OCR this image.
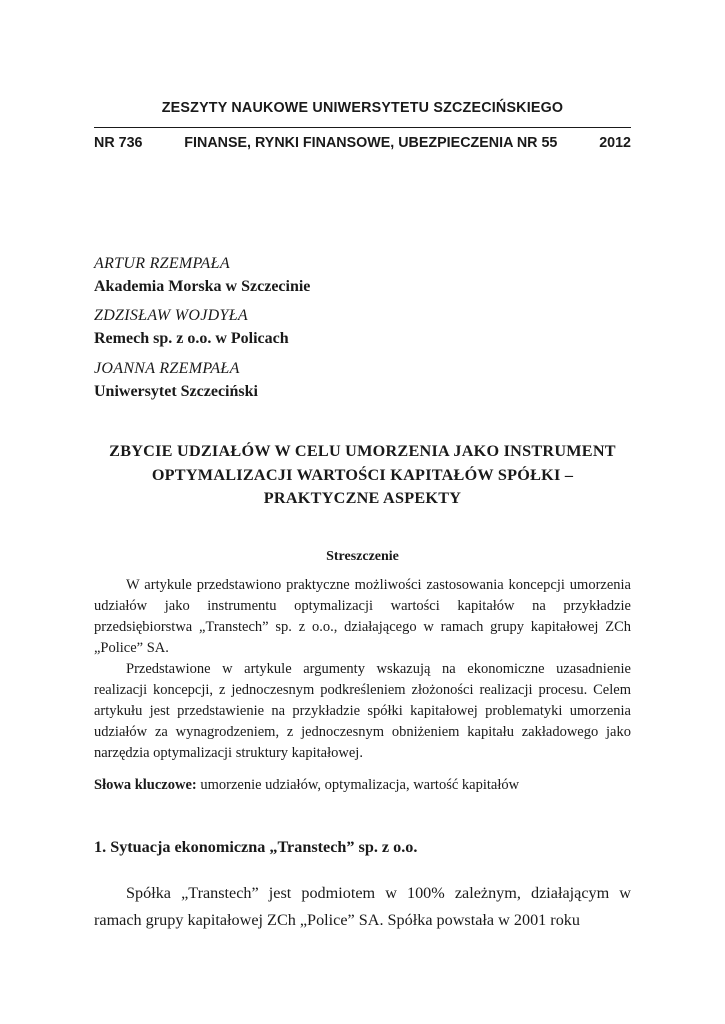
ZESZYTY NAUKOWE UNIWERSYTETU SZCZECIŃSKIEGO
NR 736	FINANSE, RYNKI FINANSOWE, UBEZPIECZENIA NR 55	2012
ARTUR RZEMPAŁA
Akademia Morska w Szczecinie
ZDZISŁAW WOJDYŁA
Remech sp. z o.o. w Policach
JOANNA RZEMPAŁA
Uniwersytet Szczeciński
ZBYCIE UDZIAŁÓW W CELU UMORZENIA JAKO INSTRUMENT
OPTYMALIZACJI WARTOŚCI KAPITAŁÓW SPÓŁKI –
PRAKTYCZNE ASPEKTY
Streszczenie

W artykule przedstawiono praktyczne możliwości zastosowania koncepcji umorzenia udziałów jako instrumentu optymalizacji wartości kapitałów na przykładzie przedsiębiorstwa „Transtech” sp. z o.o., działającego w ramach grupy kapitałowej ZCh „Police” SA.

Przedstawione w artykule argumenty wskazują na ekonomiczne uzasadnienie realizacji koncepcji, z jednoczesnym podkreśleniem złożoności realizacji procesu. Celem artykułu jest przedstawienie na przykładzie spółki kapitałowej problematyki umorzenia udziałów za wynagrodzeniem, z jednoczesnym obniżeniem kapitału zakładowego jako narzędzia optymalizacji struktury kapitałowej.

Słowa kluczowe: umorzenie udziałów, optymalizacja, wartość kapitałów
1. Sytuacja ekonomiczna „Transtech” sp. z o.o.

Spółka „Transtech” jest podmiotem w 100% zależnym, działającym w ramach grupy kapitałowej ZCh „Police” SA. Spółka powstała w 2001 roku
